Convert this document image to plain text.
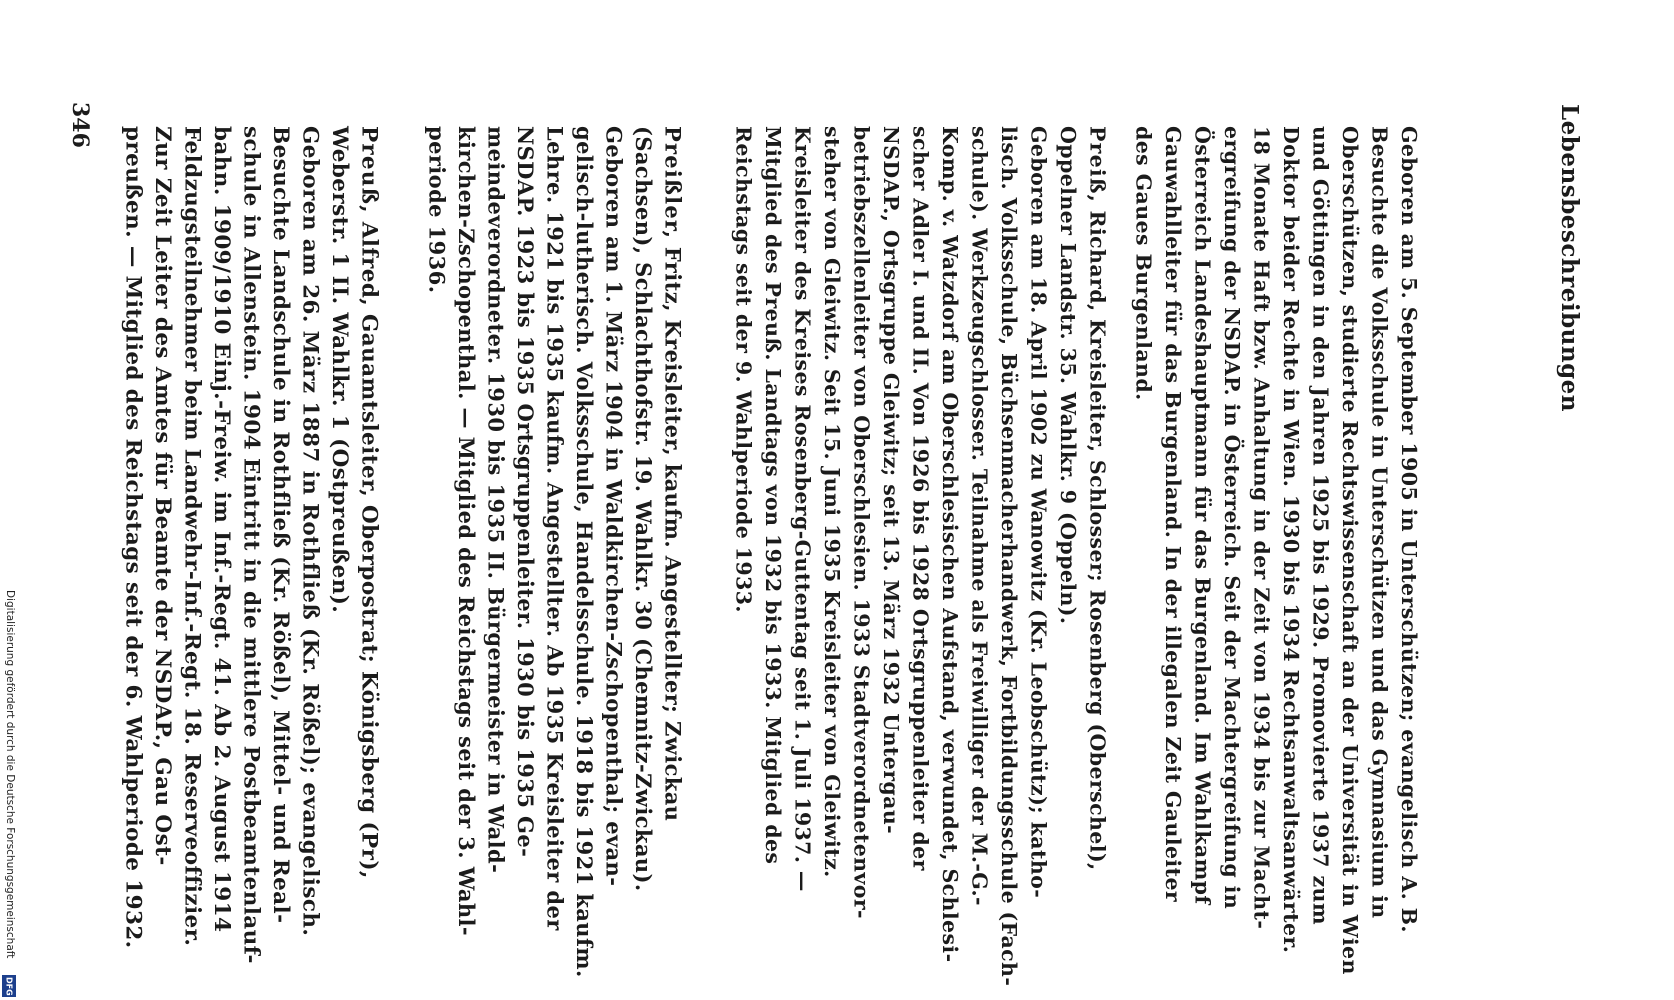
Lebensbeschreibungen
Geboren am 5. September 1905 in Unterschützen; evangelisch A. B.
Besuchte die Volksschule in Unterschützen und das Gymnasium in
Oberschützen, studierte Rechtswissenschaft an der Universität in Wien
und Göttingen in den Jahren 1925 bis 1929. Promovierte 1937 zum
Doktor beider Rechte in Wien. 1930 bis 1934 Rechtsanwaltsanwärter.
18 Monate Haft bzw. Anhaltung in der Zeit von 1934 bis zur Macht-
ergreifung der NSDAP. in Österreich. Seit der Machtergreifung in
Österreich Landeshauptmann für das Burgenland. Im Wahlkampf
Gauwahlleiter für das Burgenland. In der illegalen Zeit Gauleiter
des Gaues Burgenland.
Preiß, Richard, Kreisleiter, Schlosser; Rosenberg (Oberschel),
Oppelner Landstr. 35. Wahlkr. 9 (Oppeln).
Geboren am 18. April 1902 zu Wanowitz (Kr. Leobschütz); katho-
lisch. Volksschule, Büchsenmacherhandwerk, Fortbildungsschule (Fach-
schule). Werkzeugschlosser. Teilnahme als Freiwilliger der M.-G.-
Komp. v. Watzdorf am Oberschlesischen Aufstand, verwundet, Schlesi-
scher Adler I. und II. Von 1926 bis 1928 Ortsgruppenleiter der
NSDAP., Ortsgruppe Gleiwitz; seit 13. März 1932 Untergau-
betriebszellenleiter von Oberschlesien. 1933 Stadtverordnetenvor-
steher von Gleiwitz. Seit 15. Juni 1935 Kreisleiter von Gleiwitz.
Kreisleiter des Kreises Rosenberg-Guttentag seit 1. Juli 1937. —
Mitglied des Preuß. Landtags von 1932 bis 1933. Mitglied des
Reichstags seit der 9. Wahlperiode 1933.
Preißler, Fritz, Kreisleiter, kaufm. Angestellter; Zwickau
(Sachsen), Schlachthofstr. 19. Wahlkr. 30 (Chemnitz-Zwickau).
Geboren am 1. März 1904 in Waldkirchen-Zschopenthal; evan-
gelisch-lutherisch. Volksschule, Handelsschule. 1918 bis 1921 kaufm.
Lehre. 1921 bis 1935 kaufm. Angestellter. Ab 1935 Kreisleiter der
NSDAP. 1923 bis 1935 Ortsgruppenleiter. 1930 bis 1935 Ge-
meindeverordneter. 1930 bis 1935 II. Bürgermeister in Wald-
kirchen-Zschopenthal. — Mitglied des Reichstags seit der 3. Wahl-
periode 1936.
Preuß, Alfred, Gauamtsleiter, Oberpostrat; Königsberg (Pr),
Weberstr. 1 II. Wahlkr. 1 (Ostpreußen).
Geboren am 26. März 1887 in Rothfließ (Kr. Rößel); evangelisch.
Besuchte Landschule in Rothfließ (Kr. Rößel), Mittel- und Real-
schule in Allenstein. 1904 Eintritt in die mittlere Postbeamtenlauf-
bahn. 1909/1910 Einj.-Freiw. im Inf.-Regt. 41. Ab 2. August 1914
Feldzugsteilnehmer beim Landwehr-Inf.-Regt. 18. Reserveoffizier.
Zur Zeit Leiter des Amtes für Beamte der NSDAP., Gau Ost-
preußen. — Mitglied des Reichstags seit der 6. Wahlperiode 1932.
346
Digitalisierung gefördert durch die Deutsche Forschungsgemeinschaft
DFG
